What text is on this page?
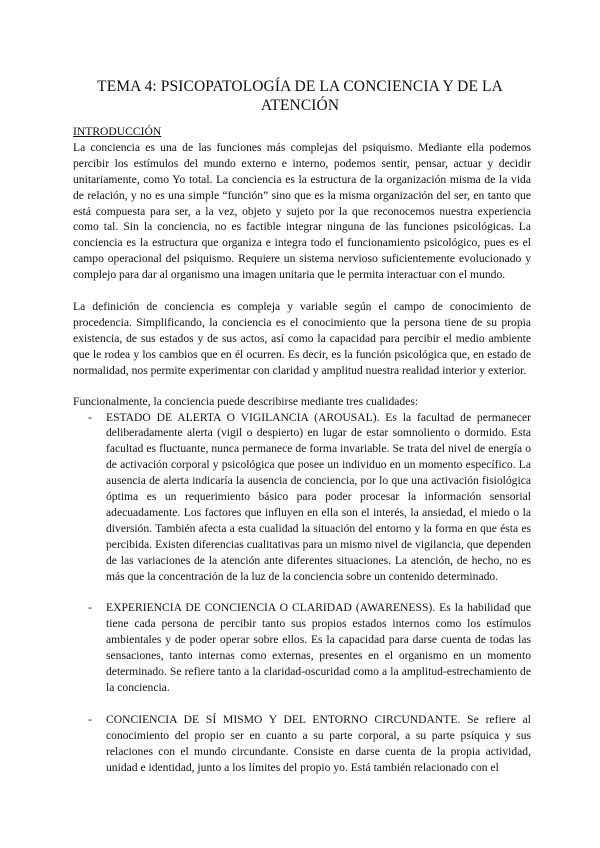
TEMA 4: PSICOPATOLOGÍA DE LA CONCIENCIA Y DE LA ATENCIÓN

INTRODUCCIÓN

La conciencia es una de las funciones más complejas del psiquismo. Mediante ella podemos percibir los estímulos del mundo externo e interno, podemos sentir, pensar, actuar y decidir unitariamente, como Yo total. La conciencia es la estructura de la organización misma de la vida de relación, y no es una simple “función” sino que es la misma organización del ser, en tanto que está compuesta para ser, a la vez, objeto y sujeto por la que reconocemos nuestra experiencia como tal. Sin la conciencia, no es factible integrar ninguna de las funciones psicológicas. La conciencia es la estructura que organiza e integra todo el funcionamiento psicológico, pues es el campo operacional del psiquismo. Requiere un sistema nervioso suficientemente evolucionado y complejo para dar al organismo una imagen unitaria que le permita interactuar con el mundo.

La definición de conciencia es compleja y variable según el campo de conocimiento de procedencia. Simplificando, la conciencia es el conocimiento que la persona tiene de su propia existencia, de sus estados y de sus actos, así como la capacidad para percibir el medio ambiente que le rodea y los cambios que en él ocurren. Es decir, es la función psicológica que, en estado de normalidad, nos permite experimentar con claridad y amplitud nuestra realidad interior y exterior.

Funcionalmente, la conciencia puede describirse mediante tres cualidades:

- ESTADO DE ALERTA O VIGILANCIA (AROUSAL). Es la facultad de permanecer deliberadamente alerta (vigil o despierto) en lugar de estar somnoliento o dormido. Esta facultad es fluctuante, nunca permanece de forma invariable. Se trata del nivel de energía o de activación corporal y psicológica que posee un individuo en un momento específico. La ausencia de alerta indicaría la ausencia de conciencia, por lo que una activación fisiológica óptima es un requerimiento básico para poder procesar la información sensorial adecuadamente. Los factores que influyen en ella son el interés, la ansiedad, el miedo o la diversión. También afecta a esta cualidad la situación del entorno y la forma en que ésta es percibida. Existen diferencias cualitativas para un mismo nivel de vigilancia, que dependen de las variaciones de la atención ante diferentes situaciones. La atención, de hecho, no es más que la concentración de la luz de la conciencia sobre un contenido determinado.
- EXPERIENCIA DE CONCIENCIA O CLARIDAD (AWARENESS). Es la habilidad que tiene cada persona de percibir tanto sus propios estados internos como los estímulos ambientales y de poder operar sobre ellos. Es la capacidad para darse cuenta de todas las sensaciones, tanto internas como externas, presentes en el organismo en un momento determinado. Se refiere tanto a la claridad-oscuridad como a la amplitud-estrechamiento de la conciencia.
- CONCIENCIA DE SÍ MISMO Y DEL ENTORNO CIRCUNDANTE. Se refiere al conocimiento del propio ser en cuanto a su parte corporal, a su parte psíquica y sus relaciones con el mundo circundante. Consiste en darse cuenta de la propia actividad, unidad e identidad, junto a los límites del propio yo. Está también relacionado con el
